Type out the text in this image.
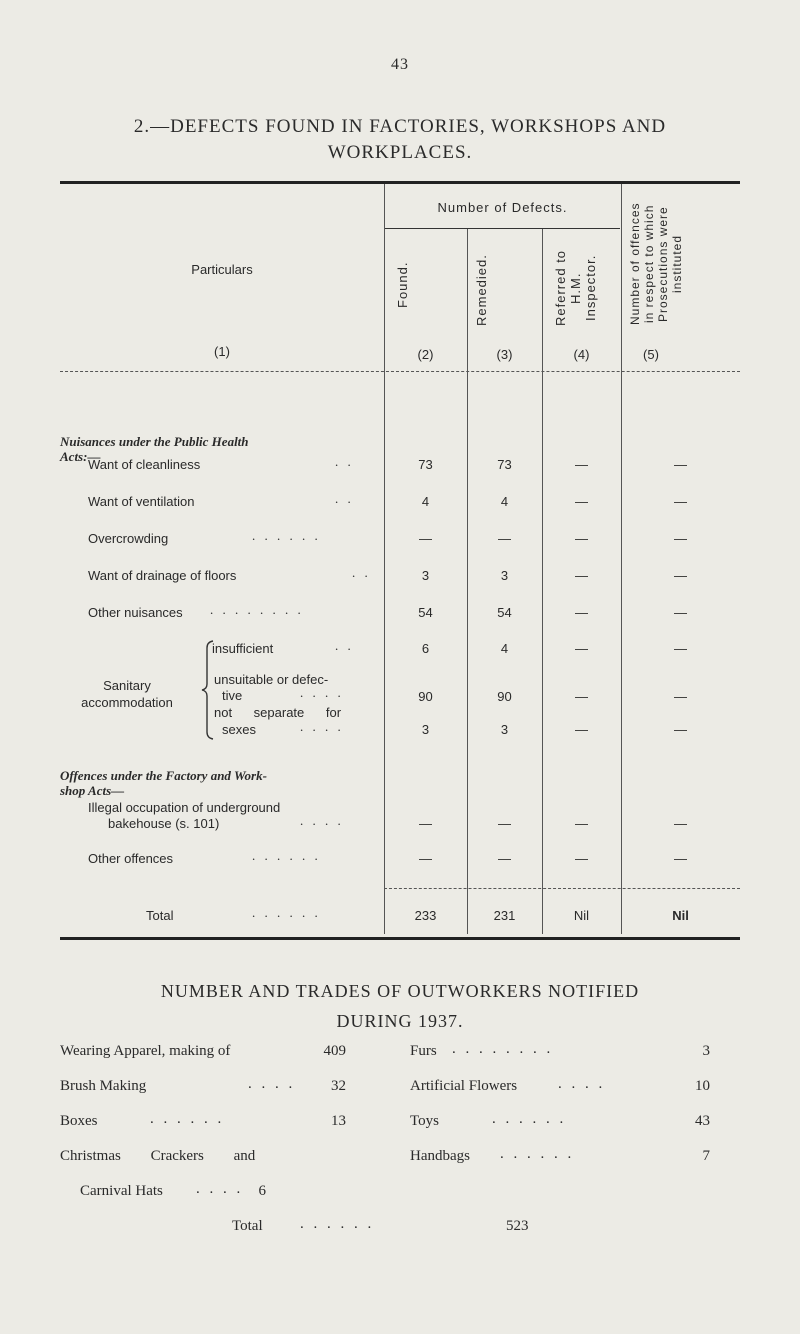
43
2.—DEFECTS FOUND IN FACTORIES, WORKSHOPS AND WORKPLACES.
Particulars
(1)
Number of Defects.
Found.
(2)
Remedied.
(3)
Referred to
H.M.
Inspector.
(4)
Number of offences
in respect to which
Prosecutions were
instituted
(5)
Nuisances under the Public Health
Acts:—
Want of cleanliness	. .	73	73	—	—
Want of ventilation	. .	4	4	—	—
Overcrowding	. . . . . .	—	—	—	—
Want of drainage of floors	. .	3	3	—	—
Other nuisances . . . . . . . .	54	54	—	—
Sanitary
accommodation
insufficient	. .	6	4	—	—
unsuitable or defec-
tive	. . . .	90	90	—	—
not separate for
sexes	. . . .	3	3	—	—
Offences under the Factory and Work-
shop Acts—
Illegal occupation of underground
bakehouse (s. 101)	. . . .	—	—	—	—
Other offences	. . . . . .	—	—	—	—
Total	. . . . . .	233	231	Nil	Nil
NUMBER AND TRADES OF OUTWORKERS NOTIFIED
DURING 1937.
Wearing Apparel, making of	409
Brush Making	. . . .	32
Boxes	. . . . . .	13
Christmas Crackers and
Carnival Hats . . . .	6
Furs . . . . . . . .	3
Artificial Flowers	. . . .	10
Toys	. . . . . .	43
Handbags . . . . . .	7
Total . . . . . .	523
